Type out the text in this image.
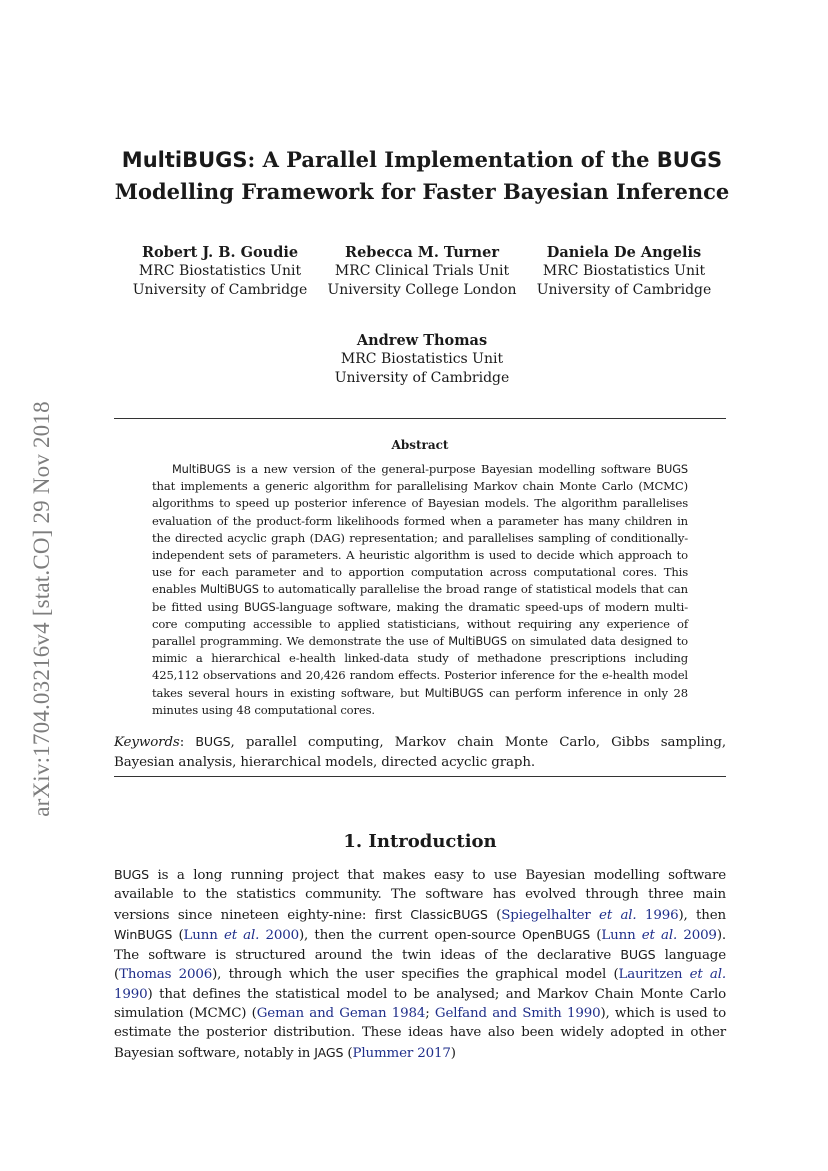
arXiv:1704.03216v4 [stat.CO] 29 Nov 2018
MultiBUGS: A Parallel Implementation of the BUGS
Modelling Framework for Faster Bayesian Inference
Robert J. B. Goudie
MRC Biostatistics Unit
University of Cambridge
Rebecca M. Turner
MRC Clinical Trials Unit
University College London
Daniela De Angelis
MRC Biostatistics Unit
University of Cambridge
Andrew Thomas
MRC Biostatistics Unit
University of Cambridge
Abstract
MultiBUGS is a new version of the general-purpose Bayesian modelling software BUGS that implements a generic algorithm for parallelising Markov chain Monte Carlo (MCMC) algorithms to speed up posterior inference of Bayesian models. The algorithm parallelises evaluation of the product-form likelihoods formed when a parameter has many children in the directed acyclic graph (DAG) representation; and parallelises sampling of conditionally-independent sets of parameters. A heuristic algorithm is used to decide which approach to use for each parameter and to apportion computation across computational cores. This enables MultiBUGS to automatically parallelise the broad range of statistical models that can be fitted using BUGS-language software, making the dramatic speed-ups of modern multi-core computing accessible to applied statisticians, without requiring any experience of parallel programming. We demonstrate the use of MultiBUGS on simulated data designed to mimic a hierarchical e-health linked-data study of methadone prescriptions including 425,112 observations and 20,426 random effects. Posterior inference for the e-health model takes several hours in existing software, but MultiBUGS can perform inference in only 28 minutes using 48 computational cores.
Keywords: BUGS, parallel computing, Markov chain Monte Carlo, Gibbs sampling, Bayesian analysis, hierarchical models, directed acyclic graph.
1. Introduction
BUGS is a long running project that makes easy to use Bayesian modelling software available to the statistics community. The software has evolved through three main versions since nineteen eighty-nine: first ClassicBUGS (Spiegelhalter et al. 1996), then WinBUGS (Lunn et al. 2000), then the current open-source OpenBUGS (Lunn et al. 2009). The software is structured around the twin ideas of the declarative BUGS language (Thomas 2006), through which the user specifies the graphical model (Lauritzen et al. 1990) that defines the statistical model to be analysed; and Markov Chain Monte Carlo simulation (MCMC) (Geman and Geman 1984; Gelfand and Smith 1990), which is used to estimate the posterior distribution. These ideas have also been widely adopted in other Bayesian software, notably in JAGS (Plummer 2017)
